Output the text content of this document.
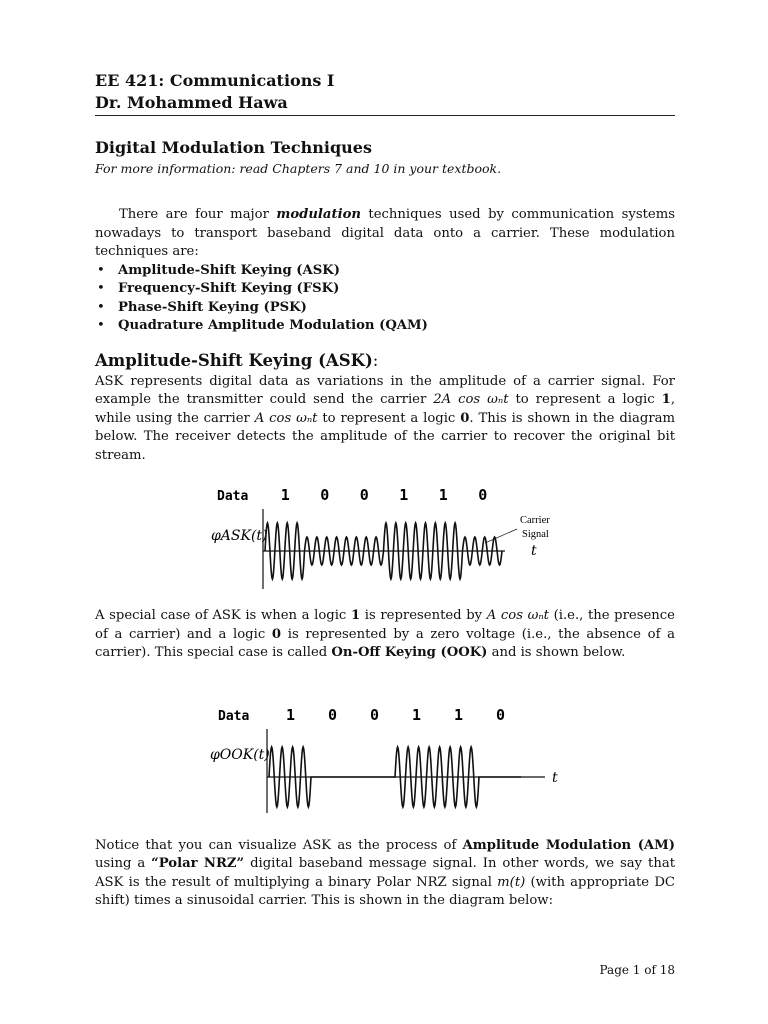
EE 421: Communications I
Dr. Mohammed Hawa
Digital Modulation Techniques
For more information: read Chapters 7 and 10 in your textbook.

There are four major modulation techniques used by communication systems nowadays to transport baseband digital data onto a carrier. These modulation techniques are:

• Amplitude-Shift Keying (ASK)
• Frequency-Shift Keying (FSK)
• Phase-Shift Keying (PSK)
• Quadrature Amplitude Modulation (QAM)
Amplitude-Shift Keying (ASK):

ASK represents digital data as variations in the amplitude of a carrier signal. For example the transmitter could send the carrier 2A cos ωₙt to represent a logic 1, while using the carrier A cos ωₙt to represent a logic 0. This is shown in the diagram below. The receiver detects the amplitude of the carrier to recover the original bit stream.

Data 1 0 0 1 1 0
φASK(t)
Carrier
Signal
t

A special case of ASK is when a logic 1 is represented by A cos ωₙt (i.e., the presence of a carrier) and a logic 0 is represented by a zero voltage (i.e., the absence of a carrier). This special case is called On-Off Keying (OOK) and is shown below.

Data 1 0 0 1 1 0
φOOK(t)
t

Notice that you can visualize ASK as the process of Amplitude Modulation (AM) using a “Polar NRZ” digital baseband message signal. In other words, we say that ASK is the result of multiplying a binary Polar NRZ signal m(t) (with appropriate DC shift) times a sinusoidal carrier. This is shown in the diagram below:

Page 1 of 18
